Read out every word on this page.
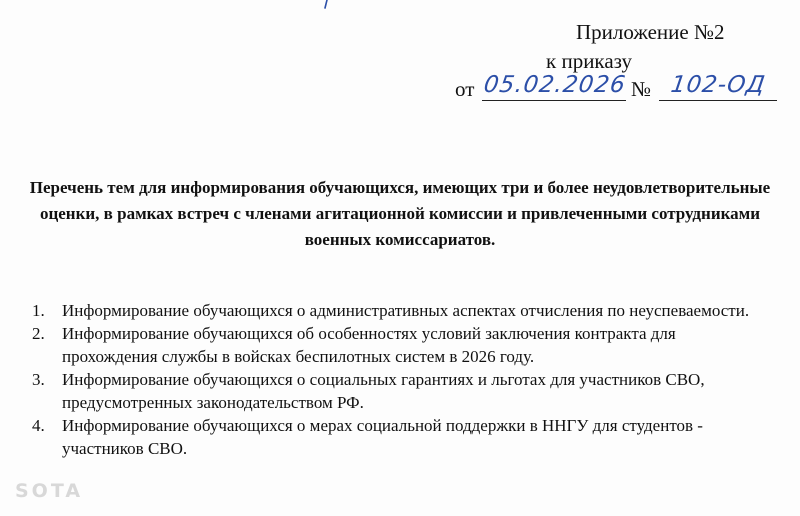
Приложение №2
к приказу
от 05.02.2026 № 102-ОД
Перечень тем для информирования обучающихся, имеющих три и более неудовлетворительные оценки, в рамках встреч с членами агитационной комиссии и привлеченными сотрудниками военных комиссариатов.
1. Информирование обучающихся о административных аспектах отчисления по неуспеваемости.
2. Информирование обучающихся об особенностях условий заключения контракта для прохождения службы в войсках беспилотных систем в 2026 году.
3. Информирование обучающихся о социальных гарантиях и льготах для участников СВО, предусмотренных законодательством РФ.
4. Информирование обучающихся о мерах социальной поддержки в ННГУ для студентов - участников СВО.
SOTA
